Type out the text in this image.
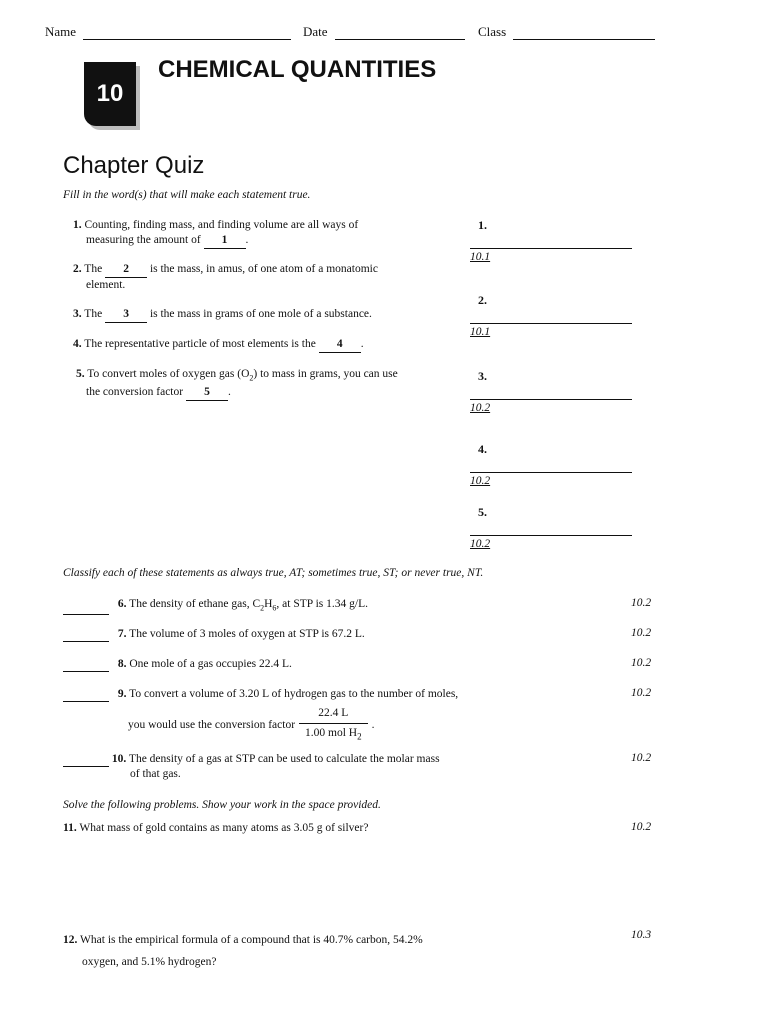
Name	Date	Class
10
CHEMICAL QUANTITIES
Chapter Quiz
Fill in the word(s) that will make each statement true.
1. Counting, finding mass, and finding volume are all ways of
measuring the amount of 1 .
2. The 2 is the mass, in amus, of one atom of a monatomic
element.
3. The 3 is the mass in grams of one mole of a substance.
4. The representative particle of most elements is the 4 .
5. To convert moles of oxygen gas $(O_2)$ to mass in grams, you can use
the conversion factor 5 .
1.
10.1
2.
10.1
3.
10.2
4.
10.2
5.
10.2
Classify each of these statements as always true, AT; sometimes true, ST; or never true, NT.
6. The density of ethane gas, $C_2H_6$, at STP is 1.34 g/L.	10.2
7. The volume of 3 moles of oxygen at STP is 67.2 L.	10.2
8. One mole of a gas occupies 22.4 L.	10.2
9. To convert a volume of 3.20 L of hydrogen gas to the number of moles,
you would use the conversion factor $\frac{22.4 L}{1.00 mol H_2}$ .
10.2
10. The density of a gas at STP can be used to calculate the molar mass
of that gas.
10.2
Solve the following problems. Show your work in the space provided.
11. What mass of gold contains as many atoms as 3.05 g of silver?	10.2
12. What is the empirical formula of a compound that is 40.7% carbon, 54.2%
oxygen, and 5.1% hydrogen?
10.3
